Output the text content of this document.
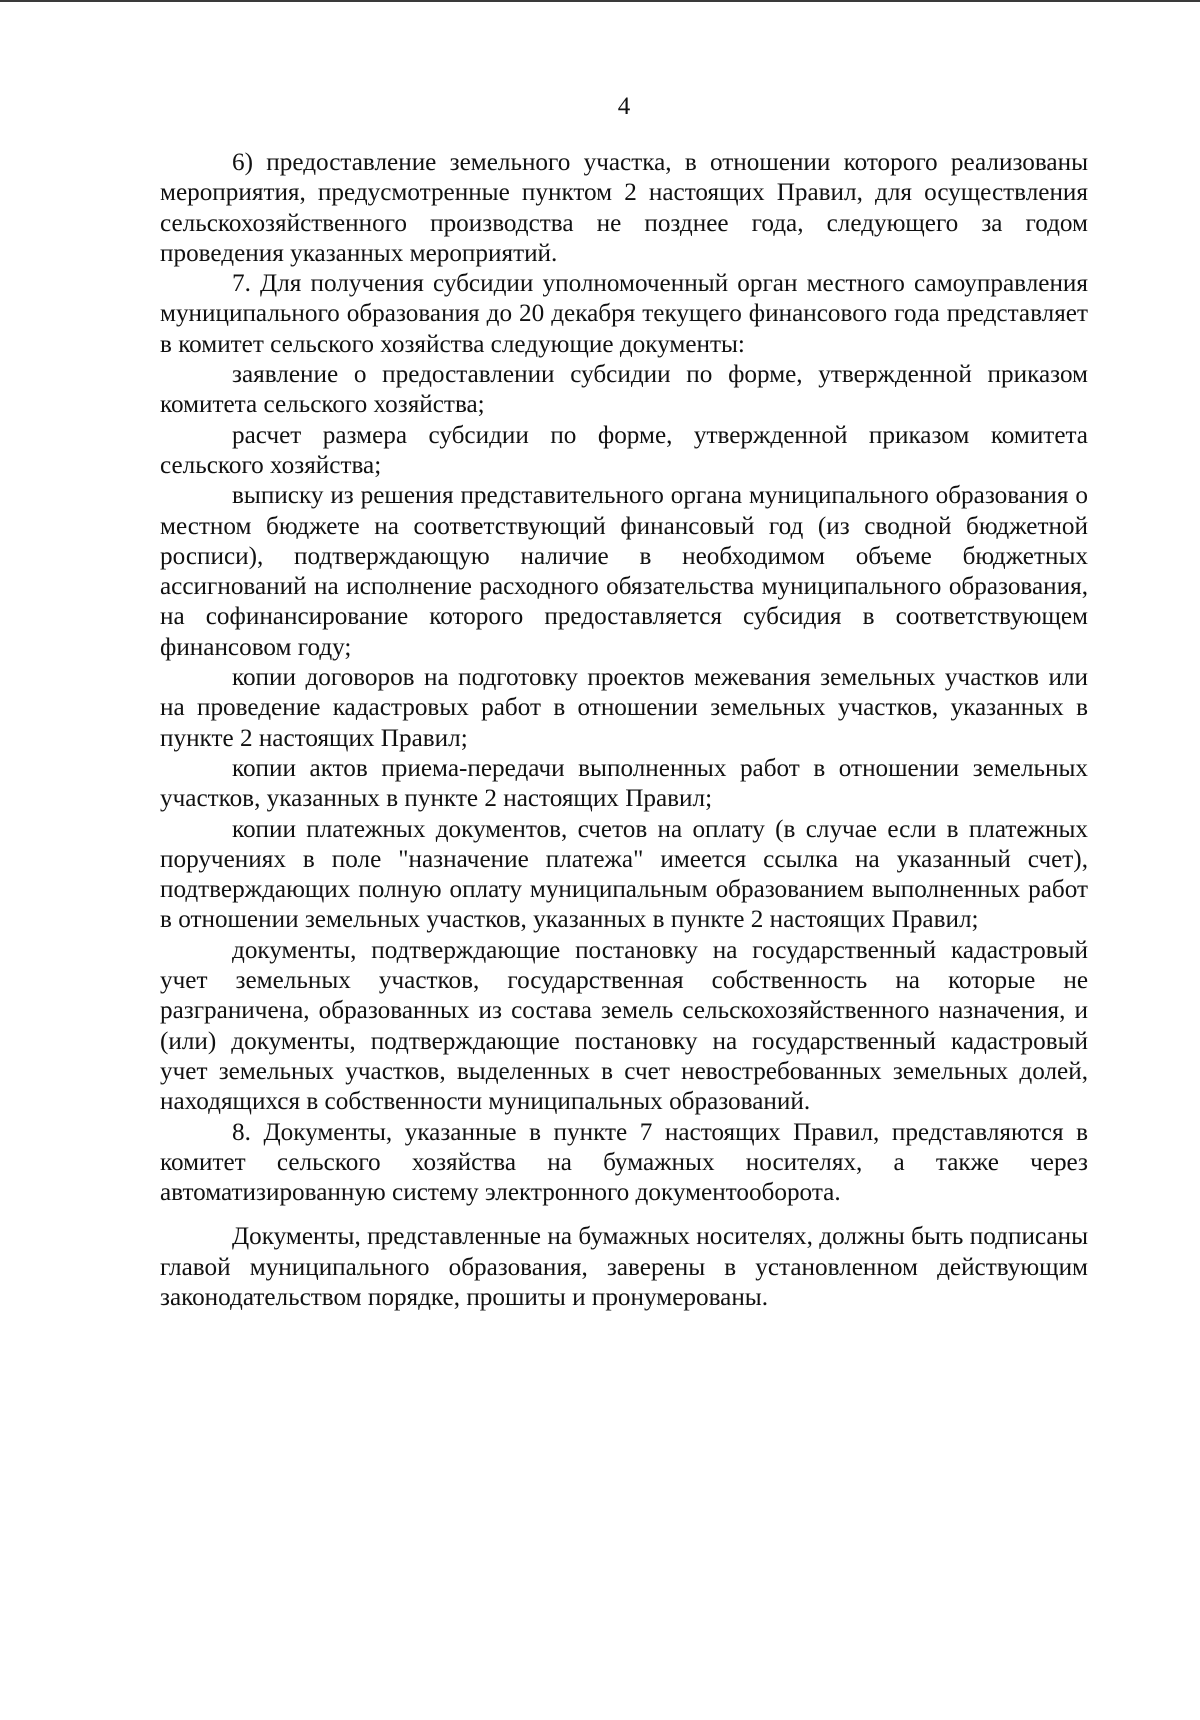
4

6) предоставление земельного участка, в отношении которого реализованы мероприятия, предусмотренные пунктом 2 настоящих Правил, для осуществления сельскохозяйственного производства не позднее года, следующего за годом проведения указанных мероприятий.

7. Для получения субсидии уполномоченный орган местного самоуправления муниципального образования до 20 декабря текущего финансового года представляет в комитет сельского хозяйства следующие документы:

заявление о предоставлении субсидии по форме, утвержденной приказом комитета сельского хозяйства;

расчет размера субсидии по форме, утвержденной приказом комитета сельского хозяйства;

выписку из решения представительного органа муниципального образования о местном бюджете на соответствующий финансовый год (из сводной бюджетной росписи), подтверждающую наличие в необходимом объеме бюджетных ассигнований на исполнение расходного обязательства муниципального образования, на софинансирование которого предоставляется субсидия в соответствующем финансовом году;

копии договоров на подготовку проектов межевания земельных участков или на проведение кадастровых работ в отношении земельных участков, указанных в пункте 2 настоящих Правил;

копии актов приема-передачи выполненных работ в отношении земельных участков, указанных в пункте 2 настоящих Правил;

копии платежных документов, счетов на оплату (в случае если в платежных поручениях в поле "назначение платежа" имеется ссылка на указанный счет), подтверждающих полную оплату муниципальным образованием выполненных работ в отношении земельных участков, указанных в пункте 2 настоящих Правил;

документы, подтверждающие постановку на государственный кадастровый учет земельных участков, государственная собственность на которые не разграничена, образованных из состава земель сельскохозяйственного назначения, и (или) документы, подтверждающие постановку на государственный кадастровый учет земельных участков, выделенных в счет невостребованных земельных долей, находящихся в собственности муниципальных образований.

8. Документы, указанные в пункте 7 настоящих Правил, представляются в комитет сельского хозяйства на бумажных носителях, а также через автоматизированную систему электронного документооборота.

Документы, представленные на бумажных носителях, должны быть подписаны главой муниципального образования, заверены в установленном действующим законодательством порядке, прошиты и пронумерованы.
